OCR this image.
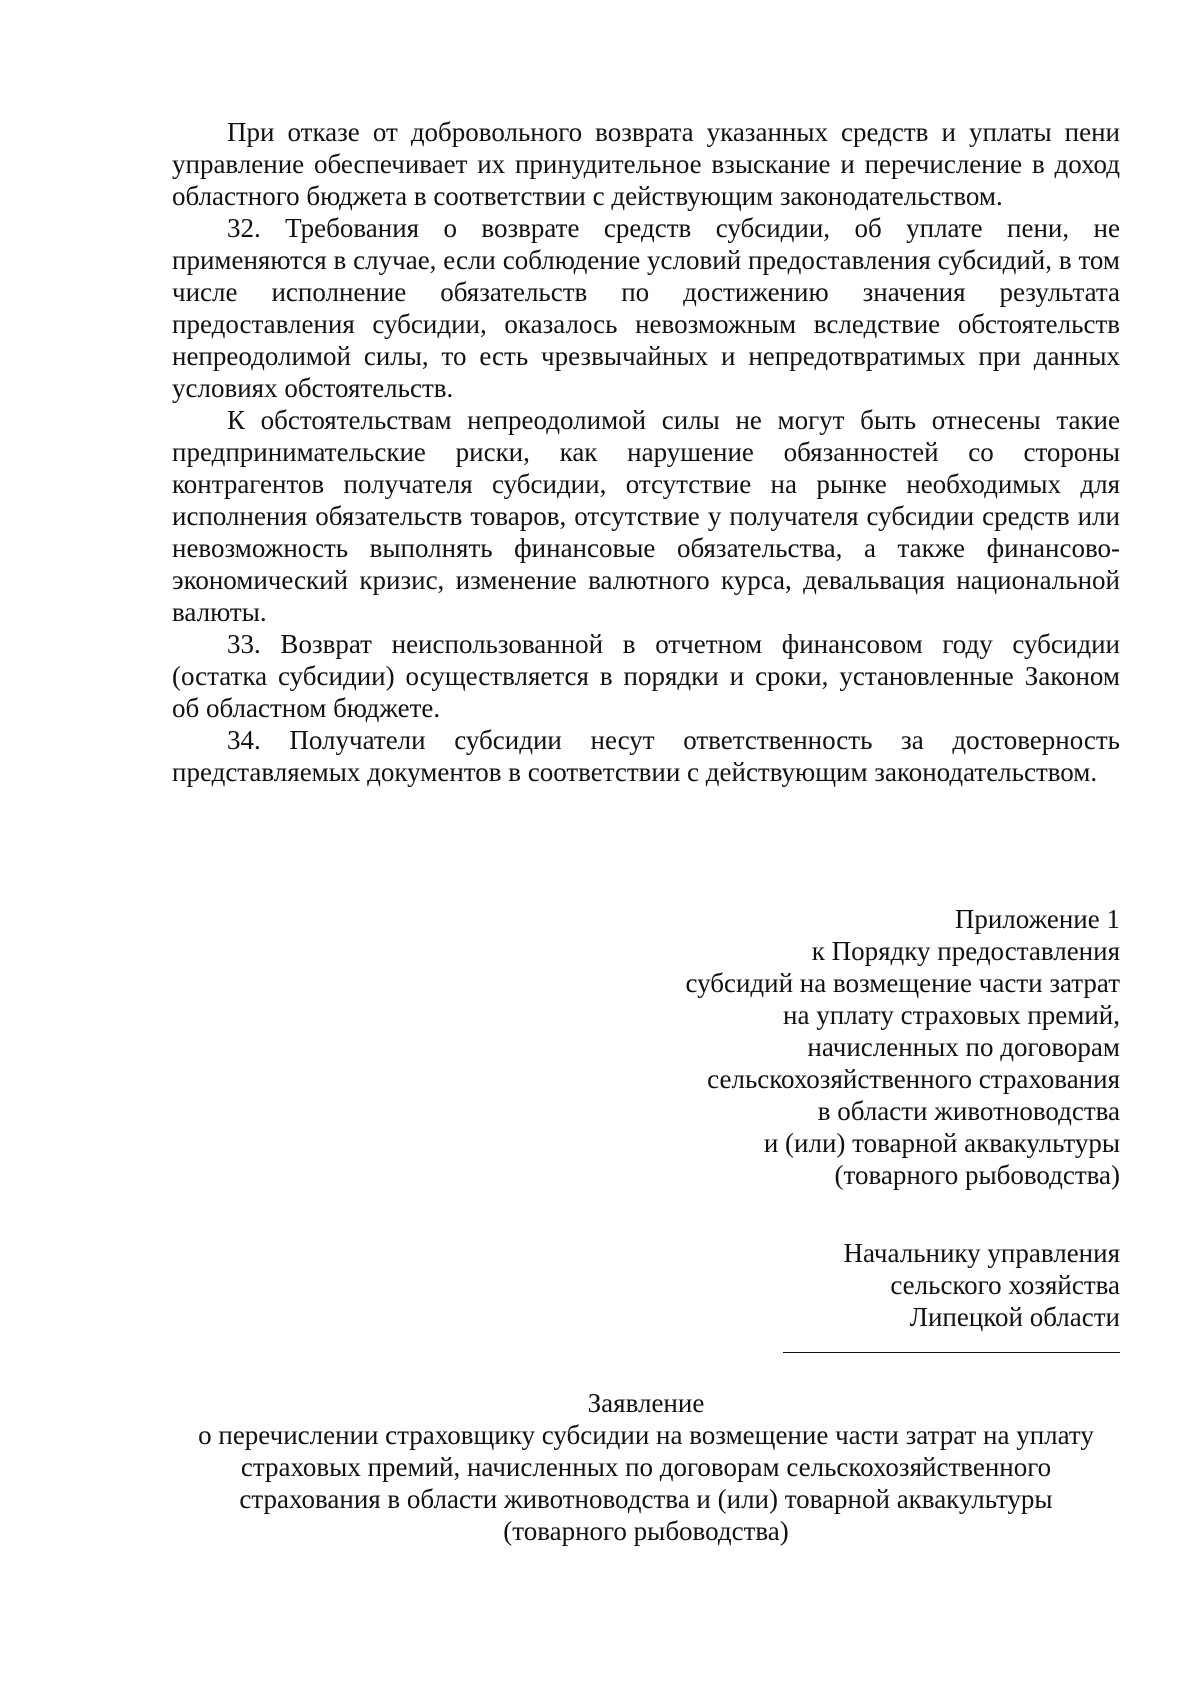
При отказе от добровольного возврата указанных средств и уплаты пени управление обеспечивает их принудительное взыскание и перечисление в доход областного бюджета в соответствии с действующим законодательством.

32. Требования о возврате средств субсидии, об уплате пени, не применяются в случае, если соблюдение условий предоставления субсидий, в том числе исполнение обязательств по достижению значения результата предоставления субсидии, оказалось невозможным вследствие обстоятельств непреодолимой силы, то есть чрезвычайных и непредотвратимых при данных условиях обстоятельств.

К обстоятельствам непреодолимой силы не могут быть отнесены такие предпринимательские риски, как нарушение обязанностей со стороны контрагентов получателя субсидии, отсутствие на рынке необходимых для исполнения обязательств товаров, отсутствие у получателя субсидии средств или невозможность выполнять финансовые обязательства, а также финансово-экономический кризис, изменение валютного курса, девальвация национальной валюты.

33. Возврат неиспользованной в отчетном финансовом году субсидии (остатка субсидии) осуществляется в порядки и сроки, установленные Законом об областном бюджете.

34. Получатели субсидии несут ответственность за достоверность представляемых документов в соответствии с действующим законодательством.

Приложение 1
к Порядку предоставления
субсидий на возмещение части затрат
на уплату страховых премий,
начисленных по договорам
сельскохозяйственного страхования
в области животноводства
и (или) товарной аквакультуры
(товарного рыбоводства)
Начальнику управления
сельского хозяйства
Липецкой области
Заявление
о перечислении страховщику субсидии на возмещение части затрат на уплату
страховых премий, начисленных по договорам сельскохозяйственного
страхования в области животноводства и (или) товарной аквакультуры
(товарного рыбоводства)
